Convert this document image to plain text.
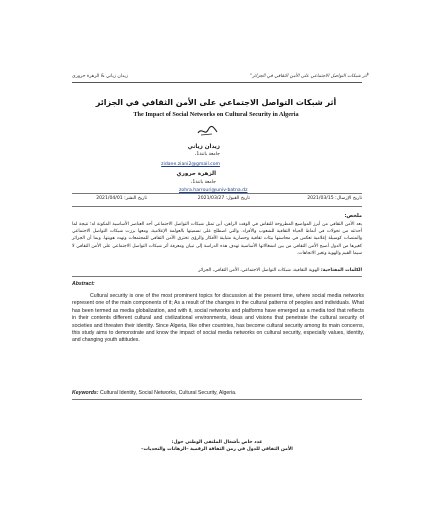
زيدان زياني & الزهرة حروري	"أثر شبكات التواصل الاجتماعي على الأمن الثقافي في الجزائر"
أثر شبكات التواصل الاجتماعي على الأمن الثقافي في الجزائر
The Impact of Social Networks on Cultural Security in Algeria
زيدان زياني
جامعة باتنة1،
zidane.ziani2@gmail.com
الزهرة حروري
جامعة باتنة1،
zohra.harrouri@univ-batna.dz
تاريخ الإرسال: 2021/03/15
تاريخ القبول: 2021/03/27
تاريخ النشر: 2021/04/01
ملخص:
يعد الأمن الثقافي من أبرز المواضيع المطروحة للنقاش في الوقت الراهن، أين تمثل شبكات التواصل الاجتماعي أحد العناصر الأساسية المكونة له؛ نتيجة لما أحدثته من تحولات في أنماط الحياة الثقافية للشعوب والأفراد. والتي اصطلح على تسميتها بالعولمة الإعلامية، ومعها برزت شبكات التواصل الاجتماعي والمنصات كوسيلة إعلامية تعكس في محاسنها بيئات ثقافية وحضارية متباينة الأفكار والرؤى تخترق الأمن الثقافي للمجتمعات وتهدد هويتها. وبما أن الجزائر كغيرها من الدول أصبح الأمن الثقافي من بين انشغالاتها الأساسية تهدف هذه الدراسة إلى تبيان ومعرفة أثر شبكات التواصل الاجتماعي على الأمن الثقافي لا سيما القيم والهوية وتغير الاتجاهات.
الكلمات المفتاحية: الهوية الثقافية، شبكات التواصل الاجتماعي، الأمن الثقافي، الجزائر
Abstract:
Cultural security is one of the most prominent topics for discussion at the present time, where social media networks represent one of the main components of it; As a result of the changes in the cultural patterns of peoples and individuals. What has been termed as media globalization, and with it, social networks and platforms have emerged as a media tool that reflects in their contents different cultural and civilizational environments, ideas and visions that penetrate the cultural security of societies and threaten their identity. Since Algeria, like other countries, has become cultural security among its main concerns, this study aims to demonstrate and know the impact of social media networks on cultural security, especially values, identity, and changing youth attitudes.
Keywords: Cultural Identity, Social Networks, Cultural Security, Algeria.
عدد خاص بأشغال الملتقى الوطني حول:
الأمن الثقافي للدول في زمن الثقافة الرقمية –الرهانات والتحديات–
